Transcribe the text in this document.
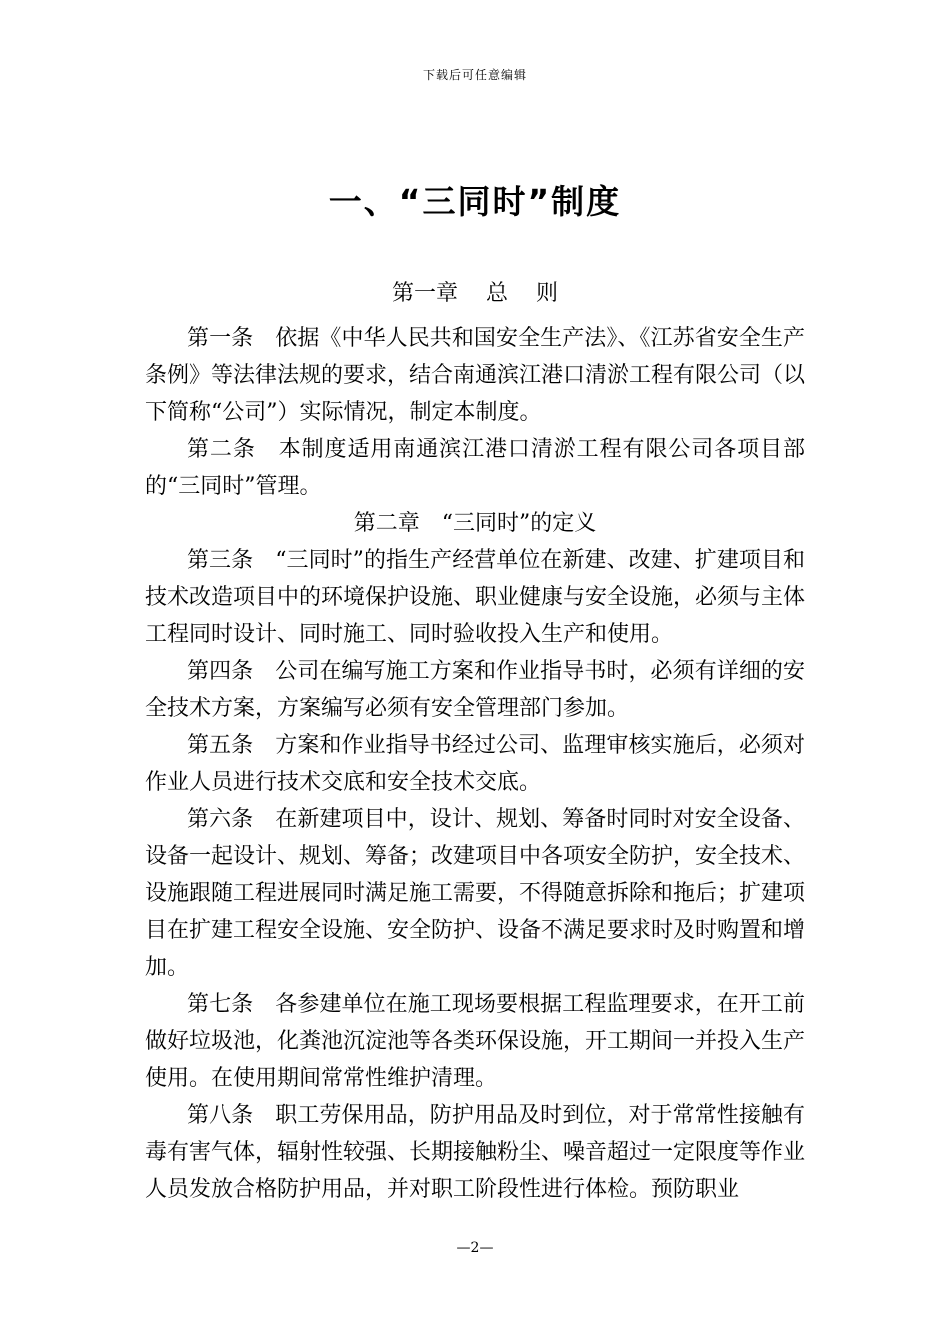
下载后可任意编辑
一、“三同时”制度
第一章    总    则

第一条　依据《中华人民共和国安全生产法》、《江苏省安全生产条例》等法律法规的要求，结合南通滨江港口清淤工程有限公司（以下简称“公司”）实际情况，制定本制度。

第二条　本制度适用南通滨江港口清淤工程有限公司各项目部的“三同时”管理。

第二章　“三同时”的定义

第三条　“三同时”的指生产经营单位在新建、改建、扩建项目和技术改造项目中的环境保护设施、职业健康与安全设施，必须与主体工程同时设计、同时施工、同时验收投入生产和使用。

第四条　公司在编写施工方案和作业指导书时，必须有详细的安全技术方案，方案编写必须有安全管理部门参加。

第五条　方案和作业指导书经过公司、监理审核实施后，必须对作业人员进行技术交底和安全技术交底。

第六条　在新建项目中，设计、规划、筹备时同时对安全设备、设备一起设计、规划、筹备；改建项目中各项安全防护，安全技术、设施跟随工程进展同时满足施工需要，不得随意拆除和拖后；扩建项目在扩建工程安全设施、安全防护、设备不满足要求时及时购置和增加。

第七条　各参建单位在施工现场要根据工程监理要求，在开工前做好垃圾池，化粪池沉淀池等各类环保设施，开工期间一并投入生产使用。在使用期间常常性维护清理。

第八条　职工劳保用品，防护用品及时到位，对于常常性接触有毒有害气体，辐射性较强、长期接触粉尘、噪音超过一定限度等作业人员发放合格防护用品，并对职工阶段性进行体检。预防职业

—2—
